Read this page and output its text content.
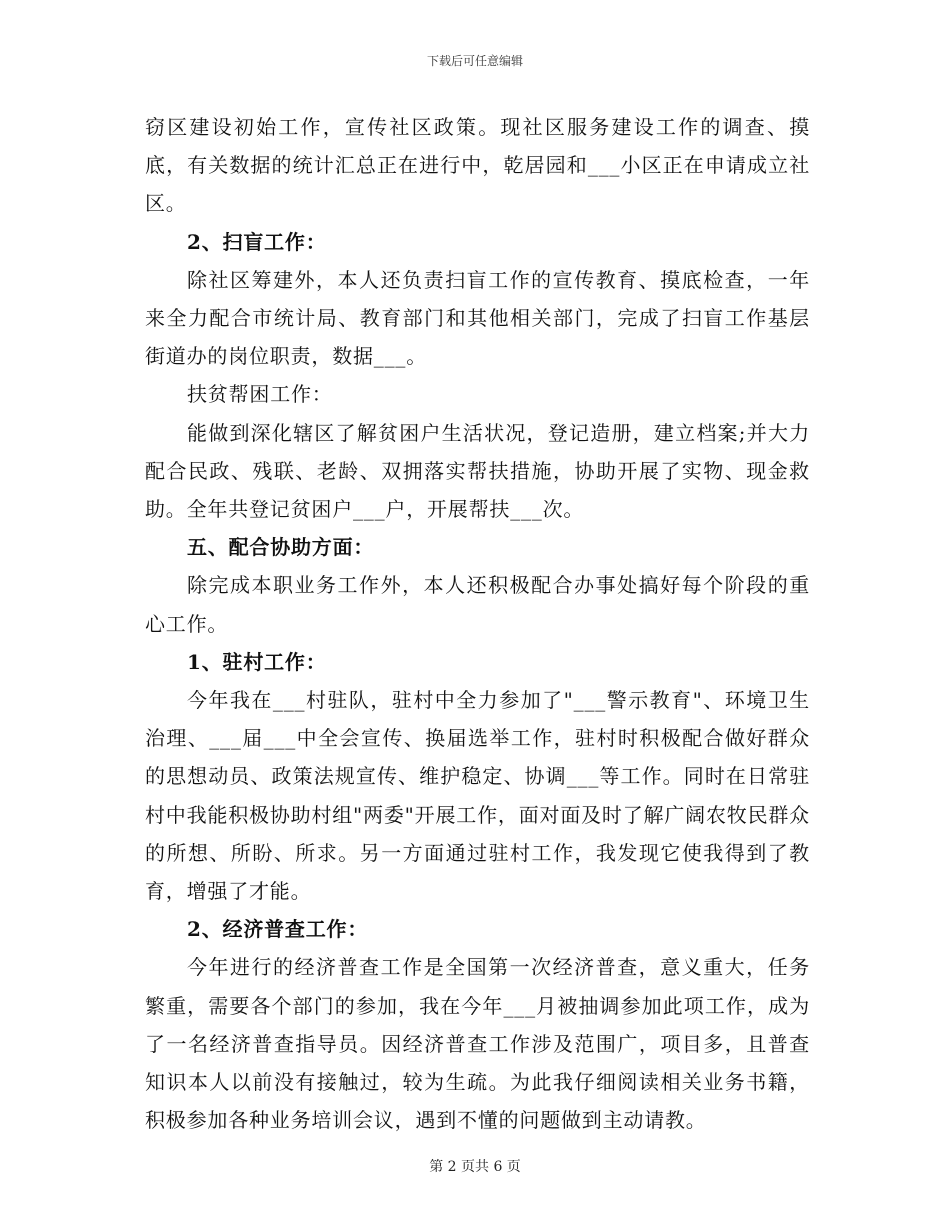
下载后可任意编辑

窃区建设初始工作，宣传社区政策。现社区服务建设工作的调查、摸底，有关数据的统计汇总正在进行中，乾居园和___小区正在申请成立社区。

2、扫盲工作：

除社区筹建外，本人还负责扫盲工作的宣传教育、摸底检查，一年来全力配合市统计局、教育部门和其他相关部门，完成了扫盲工作基层街道办的岗位职责，数据___。

扶贫帮困工作：

能做到深化辖区了解贫困户生活状况，登记造册，建立档案;并大力配合民政、残联、老龄、双拥落实帮扶措施，协助开展了实物、现金救助。全年共登记贫困户___户，开展帮扶___次。

五、配合协助方面：

除完成本职业务工作外，本人还积极配合办事处搞好每个阶段的重心工作。

1、驻村工作：

今年我在___村驻队，驻村中全力参加了"___警示教育"、环境卫生治理、___届___中全会宣传、换届选举工作，驻村时积极配合做好群众的思想动员、政策法规宣传、维护稳定、协调___等工作。同时在日常驻村中我能积极协助村组"两委"开展工作，面对面及时了解广阔农牧民群众的所想、所盼、所求。另一方面通过驻村工作，我发现它使我得到了教育，增强了才能。

2、经济普查工作：

今年进行的经济普查工作是全国第一次经济普查，意义重大，任务繁重，需要各个部门的参加，我在今年___月被抽调参加此项工作，成为了一名经济普查指导员。因经济普查工作涉及范围广，项目多，且普查知识本人以前没有接触过，较为生疏。为此我仔细阅读相关业务书籍，积极参加各种业务培训会议，遇到不懂的问题做到主动请教。

第 2 页共 6 页
